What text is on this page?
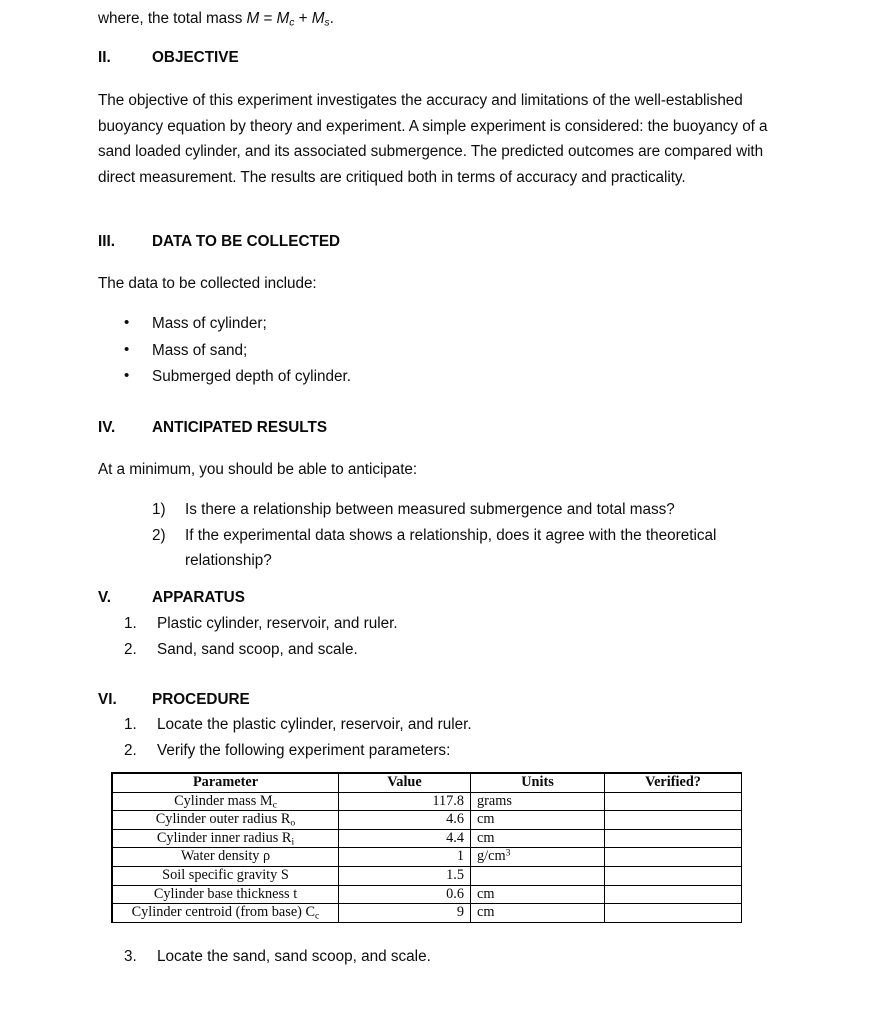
where, the total mass $M = M_c + M_s$.
II.	OBJECTIVE
The objective of this experiment investigates the accuracy and limitations of the well-established buoyancy equation by theory and experiment. A simple experiment is considered: the buoyancy of a sand loaded cylinder, and its associated submergence. The predicted outcomes are compared with direct measurement. The results are critiqued both in terms of accuracy and practicality.
III. DATA TO BE COLLECTED
The data to be collected include:
• Mass of cylinder;
• Mass of sand;
• Submerged depth of cylinder.
IV. ANTICIPATED RESULTS
At a minimum, you should be able to anticipate:
1) Is there a relationship between measured submergence and total mass?
2) If the experimental data shows a relationship, does it agree with the theoretical relationship?
V.	APPARATUS
1. Plastic cylinder, reservoir, and ruler.
2. Sand, sand scoop, and scale.
VI. PROCEDURE
1. Locate the plastic cylinder, reservoir, and ruler.
2. Verify the following experiment parameters:
Parameter	Value	Units	Verified?
Cylinder mass $M_c$	117.8	grams	
Cylinder outer radius $R_o$	4.6	cm	
Cylinder inner radius $R_i$	4.4	cm	
Water density ρ	1	$g/cm^3$	
Soil specific gravity S	1.5		
Cylinder base thickness t	0.6	cm	
Cylinder centroid (from base) $C_c$	9	cm	
3. Locate the sand, sand scoop, and scale.
